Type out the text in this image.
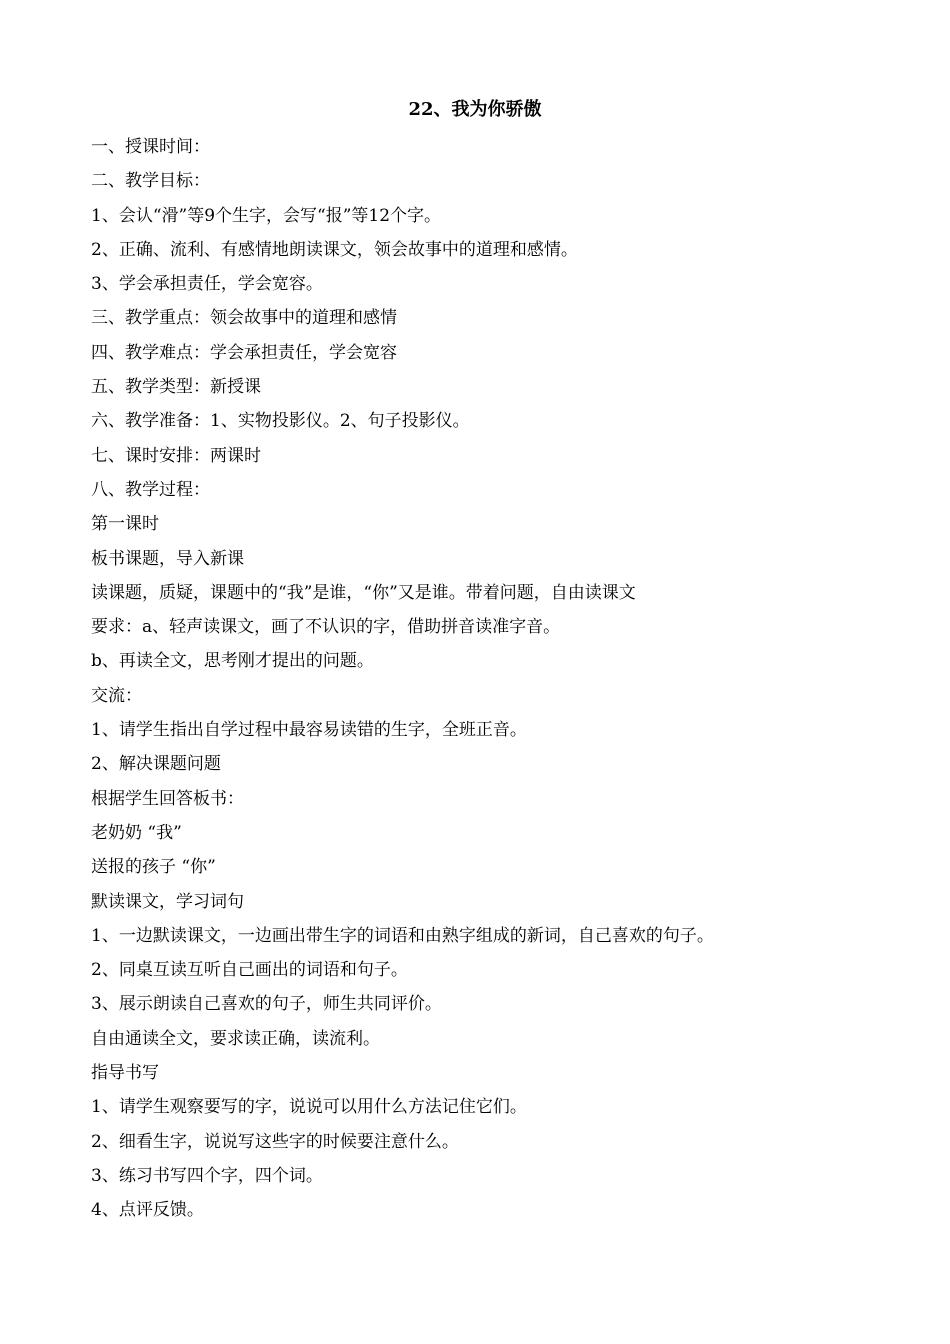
22、我为你骄傲
一、授课时间：
二、教学目标：
1、会认“滑”等9个生字，会写“报”等12个字。
2、正确、流利、有感情地朗读课文，领会故事中的道理和感情。
3、学会承担责任，学会宽容。
三、教学重点：领会故事中的道理和感情
四、教学难点：学会承担责任，学会宽容
五、教学类型：新授课
六、教学准备：1、实物投影仪。2、句子投影仪。
七、课时安排：两课时
八、教学过程：
第一课时
板书课题，导入新课
读课题，质疑，课题中的“我”是谁，“你”又是谁。带着问题，自由读课文
要求：a、轻声读课文，画了不认识的字，借助拼音读准字音。
b、再读全文，思考刚才提出的问题。
交流：
1、请学生指出自学过程中最容易读错的生字，全班正音。
2、解决课题问题
根据学生回答板书：
老奶奶 “我”
送报的孩子 “你”
默读课文，学习词句
1、一边默读课文，一边画出带生字的词语和由熟字组成的新词，自己喜欢的句子。
2、同桌互读互听自己画出的词语和句子。
3、展示朗读自己喜欢的句子，师生共同评价。
自由通读全文，要求读正确，读流利。
指导书写
1、请学生观察要写的字，说说可以用什么方法记住它们。
2、细看生字，说说写这些字的时候要注意什么。
3、练习书写四个字，四个词。
4、点评反馈。
